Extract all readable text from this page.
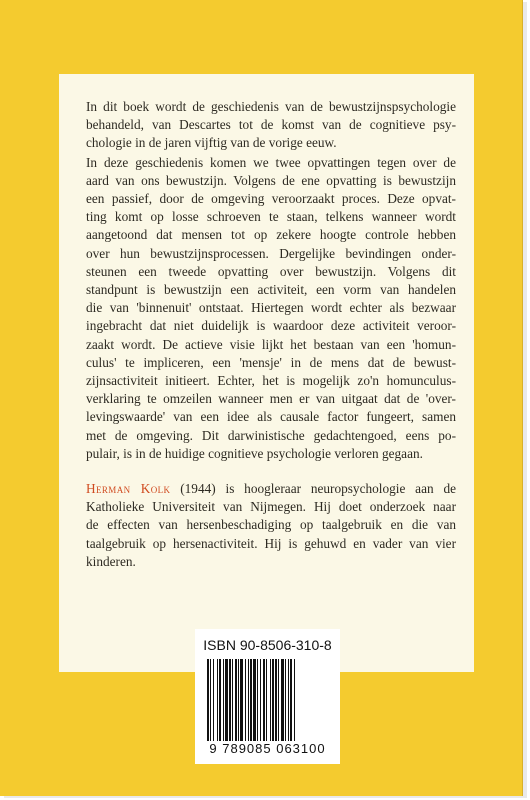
In dit boek wordt de geschiedenis van de bewustzijnspsychologie
behandeld, van Descartes tot de komst van de cognitieve psy-
chologie in de jaren vijftig van de vorige eeuw.
In deze geschiedenis komen we twee opvattingen tegen over de
aard van ons bewustzijn. Volgens de ene opvatting is bewustzijn
een passief, door de omgeving veroorzaakt proces. Deze opvat-
ting komt op losse schroeven te staan, telkens wanneer wordt
aangetoond dat mensen tot op zekere hoogte controle hebben
over hun bewustzijnsprocessen. Dergelijke bevindingen onder-
steunen een tweede opvatting over bewustzijn. Volgens dit
standpunt is bewustzijn een activiteit, een vorm van handelen
die van 'binnenuit' ontstaat. Hiertegen wordt echter als bezwaar
ingebracht dat niet duidelijk is waardoor deze activiteit veroor-
zaakt wordt. De actieve visie lijkt het bestaan van een 'homun-
culus' te impliceren, een 'mensje' in de mens dat de bewust-
zijnsactiviteit initieert. Echter, het is mogelijk zo'n homunculus-
verklaring te omzeilen wanneer men er van uitgaat dat de 'over-
levingswaarde' van een idee als causale factor fungeert, samen
met de omgeving. Dit darwinistische gedachtengoed, eens po-
pulair, is in de huidige cognitieve psychologie verloren gegaan.
Herman Kolk (1944) is hoogleraar neuropsychologie aan de
Katholieke Universiteit van Nijmegen. Hij doet onderzoek naar
de effecten van hersenbeschadiging op taalgebruik en die van
taalgebruik op hersenactiviteit. Hij is gehuwd en vader van vier
kinderen.
ISBN 90-8506-310-8
9 789085 063100
